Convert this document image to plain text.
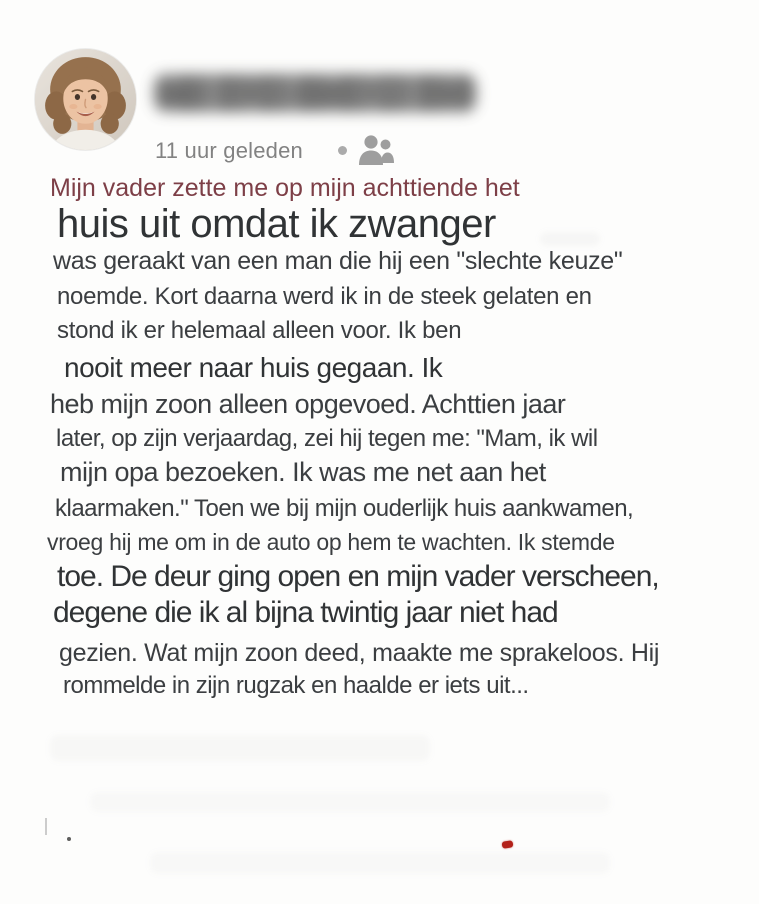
11 uur geleden
Mijn vader zette me op mijn achttiende het
huis uit omdat ik zwanger
was geraakt van een man die hij een "slechte keuze"
noemde. Kort daarna werd ik in de steek gelaten en
stond ik er helemaal alleen voor. Ik ben
nooit meer naar huis gegaan. Ik
heb mijn zoon alleen opgevoed. Achttien jaar
later, op zijn verjaardag, zei hij tegen me: "Mam, ik wil
mijn opa bezoeken. Ik was me net aan het
klaarmaken." Toen we bij mijn ouderlijk huis aankwamen,
vroeg hij me om in de auto op hem te wachten. Ik stemde
toe. De deur ging open en mijn vader verscheen,
degene die ik al bijna twintig jaar niet had
gezien. Wat mijn zoon deed, maakte me sprakeloos. Hij
rommelde in zijn rugzak en haalde er iets uit...
